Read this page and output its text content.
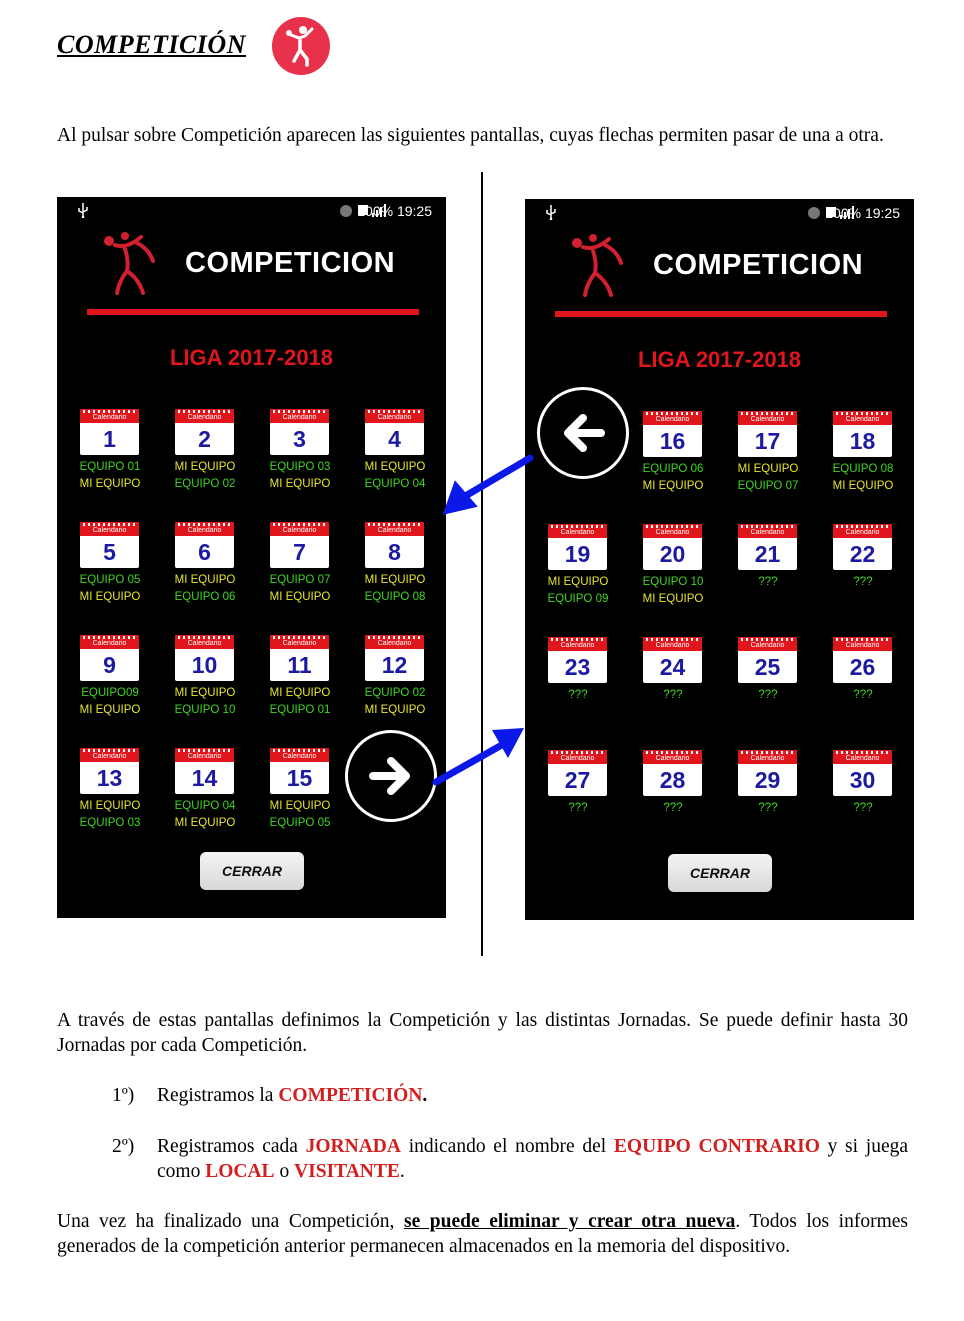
COMPETICIÓN
Al pulsar sobre Competición aparecen las siguientes pantallas, cuyas flechas permiten pasar de una a otra.
100% 19:25
COMPETICION
LIGA 2017-2018
Calendario
1
EQUIPO 01
MI EQUIPO
Calendario
2
MI EQUIPO
EQUIPO 02
Calendario
3
EQUIPO 03
MI EQUIPO
Calendario
4
MI EQUIPO
EQUIPO 04
Calendario
5
EQUIPO 05
MI EQUIPO
Calendario
6
MI EQUIPO
EQUIPO 06
Calendario
7
EQUIPO 07
MI EQUIPO
Calendario
8
MI EQUIPO
EQUIPO 08
Calendario
9
EQUIPO09
MI EQUIPO
Calendario
10
MI EQUIPO
EQUIPO 10
Calendario
11
MI EQUIPO
EQUIPO 01
Calendario
12
EQUIPO 02
MI EQUIPO
Calendario
13
MI EQUIPO
EQUIPO 03
Calendario
14
EQUIPO 04
MI EQUIPO
Calendario
15
MI EQUIPO
EQUIPO 05
CERRAR
100% 19:25
COMPETICION
LIGA 2017-2018
Calendario
16
EQUIPO 06
MI EQUIPO
Calendario
17
MI EQUIPO
EQUIPO 07
Calendario
18
EQUIPO 08
MI EQUIPO
Calendario
19
MI EQUIPO
EQUIPO 09
Calendario
20
EQUIPO 10
MI EQUIPO
Calendario
21
???
Calendario
22
???
Calendario
23
???
Calendario
24
???
Calendario
25
???
Calendario
26
???
Calendario
27
???
Calendario
28
???
Calendario
29
???
Calendario
30
???
CERRAR
A través de estas pantallas definimos la Competición y las distintas Jornadas. Se puede definir hasta 30 Jornadas por cada Competición.
1º) Registramos la COMPETICIÓN.
2º) Registramos cada JORNADA indicando el nombre del EQUIPO CONTRARIO y si juega como LOCAL o VISITANTE.
Una vez ha finalizado una Competición, se puede eliminar y crear otra nueva. Todos los informes generados de la competición anterior permanecen almacenados en la memoria del dispositivo.
